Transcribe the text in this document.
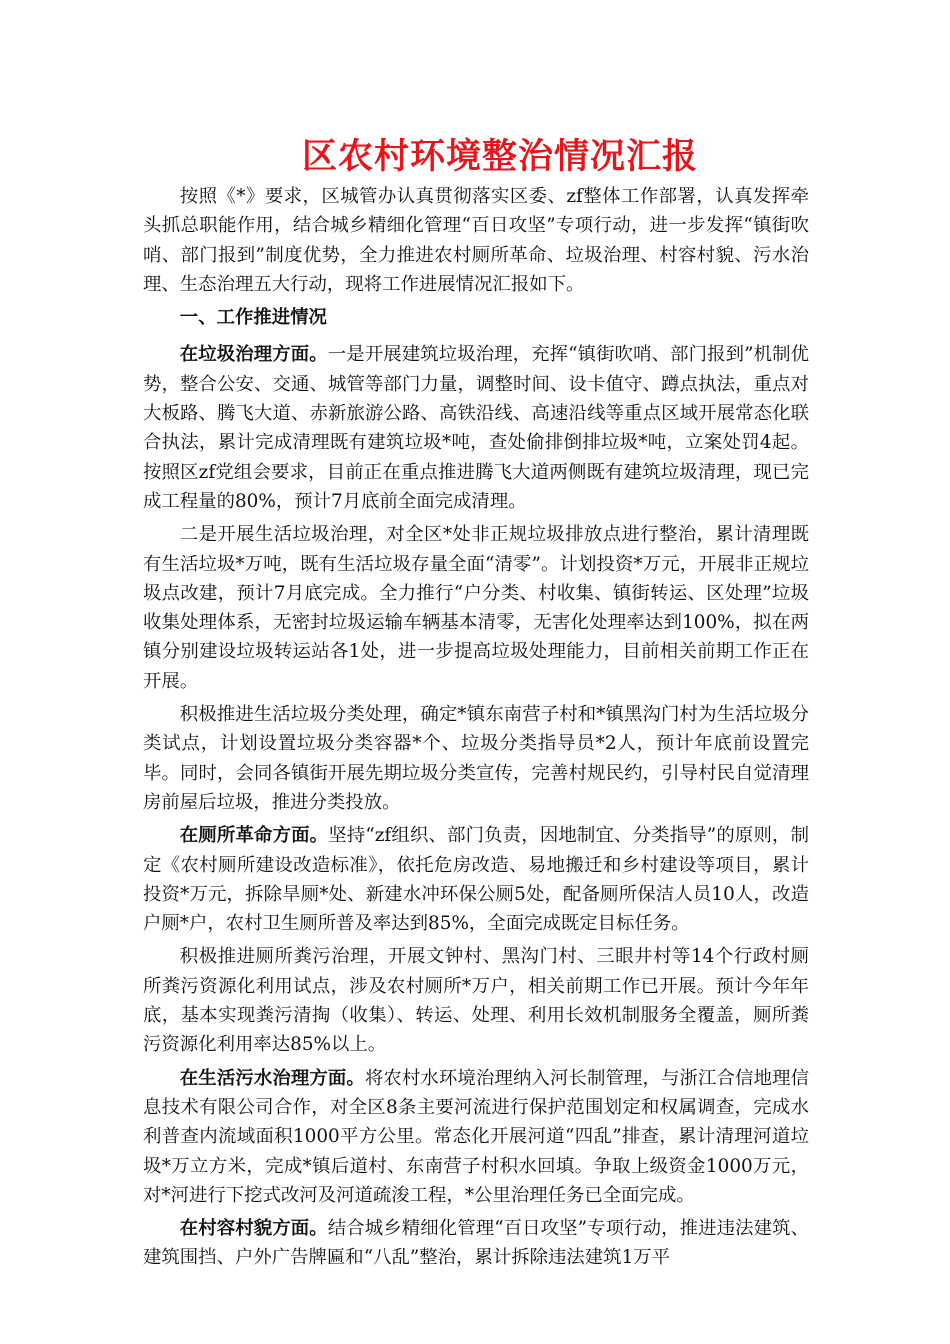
区农村环境整治情况汇报

按照《*》要求，区城管办认真贯彻落实区委、zf整体工作部署，认真发挥牵头抓总职能作用，结合城乡精细化管理“百日攻坚”专项行动，进一步发挥“镇街吹哨、部门报到”制度优势，全力推进农村厕所革命、垃圾治理、村容村貌、污水治理、生态治理五大行动，现将工作进展情况汇报如下。

一、工作推进情况

在垃圾治理方面。一是开展建筑垃圾治理，充挥“镇街吹哨、部门报到”机制优势，整合公安、交通、城管等部门力量，调整时间、设卡值守、蹲点执法，重点对大板路、腾飞大道、赤新旅游公路、高铁沿线、高速沿线等重点区域开展常态化联合执法，累计完成清理既有建筑垃圾*吨，查处偷排倒排垃圾*吨，立案处罚4起。按照区zf党组会要求，目前正在重点推进腾飞大道两侧既有建筑垃圾清理，现已完成工程量的80%，预计7月底前全面完成清理。

二是开展生活垃圾治理，对全区*处非正规垃圾排放点进行整治，累计清理既有生活垃圾*万吨，既有生活垃圾存量全面“清零”。计划投资*万元，开展非正规垃圾点改建，预计7月底完成。全力推行“户分类、村收集、镇街转运、区处理”垃圾收集处理体系，无密封垃圾运输车辆基本清零，无害化处理率达到100%，拟在两镇分别建设垃圾转运站各1处，进一步提高垃圾处理能力，目前相关前期工作正在开展。

积极推进生活垃圾分类处理，确定*镇东南营子村和*镇黑沟门村为生活垃圾分类试点，计划设置垃圾分类容器*个、垃圾分类指导员*2人，预计年底前设置完毕。同时，会同各镇街开展先期垃圾分类宣传，完善村规民约，引导村民自觉清理房前屋后垃圾，推进分类投放。

在厕所革命方面。坚持“zf组织、部门负责，因地制宜、分类指导”的原则，制定《农村厕所建设改造标准》，依托危房改造、易地搬迁和乡村建设等项目，累计投资*万元，拆除旱厕*处、新建水冲环保公厕5处，配备厕所保洁人员10人，改造户厕*户，农村卫生厕所普及率达到85%，全面完成既定目标任务。

积极推进厕所粪污治理，开展文钟村、黑沟门村、三眼井村等14个行政村厕所粪污资源化利用试点，涉及农村厕所*万户，相关前期工作已开展。预计今年年底，基本实现粪污清掏（收集）、转运、处理、利用长效机制服务全覆盖，厕所粪污资源化利用率达85%以上。

在生活污水治理方面。将农村水环境治理纳入河长制管理，与浙江合信地理信息技术有限公司合作，对全区8条主要河流进行保护范围划定和权属调查，完成水利普查内流域面积1000平方公里。常态化开展河道“四乱”排查，累计清理河道垃圾*万立方米，完成*镇后道村、东南营子村积水回填。争取上级资金1000万元，对*河进行下挖式改河及河道疏浚工程，*公里治理任务已全面完成。

在村容村貌方面。结合城乡精细化管理“百日攻坚”专项行动，推进违法建筑、建筑围挡、户外广告牌匾和“八乱”整治，累计拆除违法建筑1万平
